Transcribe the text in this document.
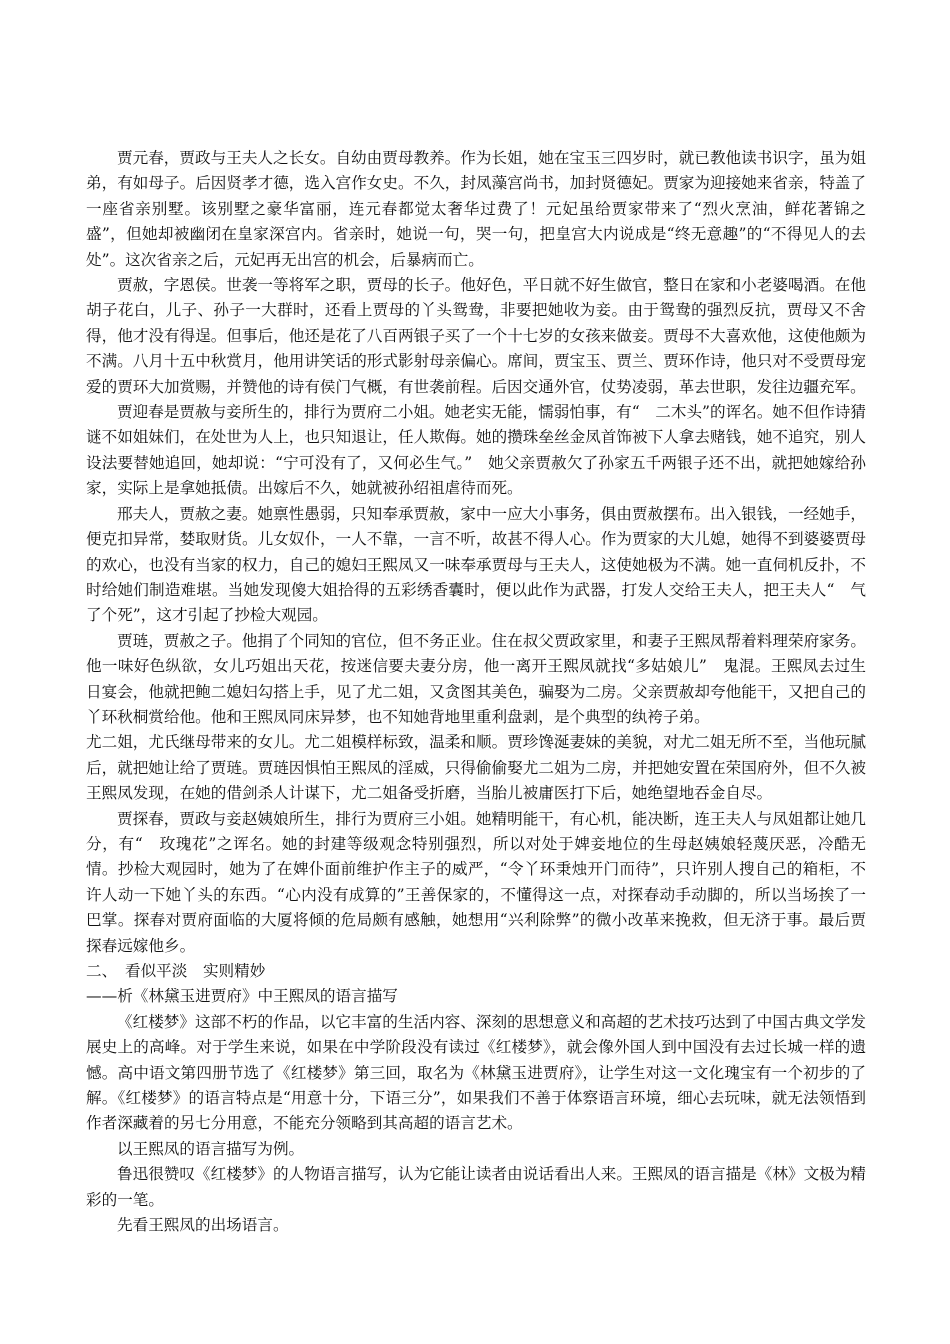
贾元春，贾政与王夫人之长女。自幼由贾母教养。作为长姐，她在宝玉三四岁时，就已教他读书识字，虽为姐弟，有如母子。后因贤孝才德，选入宫作女史。不久，封凤藻宫尚书，加封贤德妃。贾家为迎接她来省亲，特盖了一座省亲别墅。该别墅之豪华富丽，连元春都觉太奢华过费了！元妃虽给贾家带来了“烈火烹油，鲜花著锦之盛”，但她却被幽闭在皇家深宫内。省亲时，她说一句，哭一句，把皇宫大内说成是“终无意趣”的“不得见人的去处”。这次省亲之后，元妃再无出宫的机会，后暴病而亡。

贾赦，字恩侯。世袭一等将军之职，贾母的长子。他好色，平日就不好生做官，整日在家和小老婆喝酒。在他胡子花白，儿子、孙子一大群时，还看上贾母的丫头鸳鸯，非要把她收为妾。由于鸳鸯的强烈反抗，贾母又不舍得，他才没有得逞。但事后，他还是花了八百两银子买了一个十七岁的女孩来做妾。贾母不大喜欢他，这使他颇为不满。八月十五中秋赏月，他用讲笑话的形式影射母亲偏心。席间，贾宝玉、贾兰、贾环作诗，他只对不受贾母宠爱的贾环大加赏赐，并赞他的诗有侯门气概，有世袭前程。后因交通外官，仗势凌弱，革去世职，发往边疆充军。

贾迎春是贾赦与妾所生的，排行为贾府二小姐。她老实无能，懦弱怕事，有“　二木头”的诨名。她不但作诗猜谜不如姐妹们，在处世为人上，也只知退让，任人欺侮。她的攒珠垒丝金凤首饰被下人拿去赌钱，她不追究，别人设法要替她追回，她却说：“宁可没有了，又何必生气。”　她父亲贾赦欠了孙家五千两银子还不出，就把她嫁给孙家，实际上是拿她抵债。出嫁后不久，她就被孙绍祖虐待而死。

邢夫人，贾赦之妻。她禀性愚弱，只知奉承贾赦，家中一应大小事务，俱由贾赦摆布。出入银钱，一经她手，便克扣异常，婪取财货。儿女奴仆，一人不靠，一言不听，故甚不得人心。作为贾家的大儿媳，她得不到婆婆贾母的欢心，也没有当家的权力，自己的媳妇王熙凤又一味奉承贾母与王夫人，这使她极为不满。她一直伺机反扑，不时给她们制造难堪。当她发现傻大姐拾得的五彩绣香囊时，便以此作为武器，打发人交给王夫人，把王夫人“　气了个死”，这才引起了抄检大观园。

贾琏，贾赦之子。他捐了个同知的官位，但不务正业。住在叔父贾政家里，和妻子王熙凤帮着料理荣府家务。他一味好色纵欲，女儿巧姐出天花，按迷信要夫妻分房，他一离开王熙凤就找“多姑娘儿”　鬼混。王熙凤去过生日宴会，他就把鲍二媳妇勾搭上手，见了尤二姐，又贪图其美色，骗娶为二房。父亲贾赦却夸他能干，又把自己的丫环秋桐赏给他。他和王熙凤同床异梦，也不知她背地里重利盘剥，是个典型的纨袴子弟。

尤二姐，尤氏继母带来的女儿。尤二姐模样标致，温柔和顺。贾珍馋涎妻妹的美貌，对尤二姐无所不至，当他玩腻后，就把她让给了贾琏。贾琏因惧怕王熙凤的淫威，只得偷偷娶尤二姐为二房，并把她安置在荣国府外，但不久被王熙凤发现，在她的借剑杀人计谋下，尤二姐备受折磨，当胎儿被庸医打下后，她绝望地吞金自尽。

贾探春，贾政与妾赵姨娘所生，排行为贾府三小姐。她精明能干，有心机，能决断，连王夫人与凤姐都让她几分，有“　玫瑰花”之诨名。她的封建等级观念特别强烈，所以对处于婢妾地位的生母赵姨娘轻蔑厌恶，冷酷无情。抄检大观园时，她为了在婢仆面前维护作主子的威严，“令丫环秉烛开门而待”，只许别人搜自己的箱柜，不许人动一下她丫头的东西。“心内没有成算的”王善保家的，不懂得这一点，对探春动手动脚的，所以当场挨了一巴掌。探春对贾府面临的大厦将倾的危局颇有感触，她想用“兴利除弊”的微小改革来挽救，但无济于事。最后贾探春远嫁他乡。

二、　看似平淡　实则精妙

——析《林黛玉进贾府》中王熙凤的语言描写

《红楼梦》这部不朽的作品，以它丰富的生活内容、深刻的思想意义和高超的艺术技巧达到了中国古典文学发展史上的高峰。对于学生来说，如果在中学阶段没有读过《红楼梦》，就会像外国人到中国没有去过长城一样的遗憾。高中语文第四册节选了《红楼梦》第三回，取名为《林黛玉进贾府》，让学生对这一文化瑰宝有一个初步的了解。《红楼梦》的语言特点是“用意十分，下语三分”，如果我们不善于体察语言环境，细心去玩味，就无法领悟到作者深藏着的另七分用意，不能充分领略到其高超的语言艺术。

以王熙凤的语言描写为例。

鲁迅很赞叹《红楼梦》的人物语言描写，认为它能让读者由说话看出人来。王熙凤的语言描是《林》文极为精彩的一笔。

先看王熙凤的出场语言。
